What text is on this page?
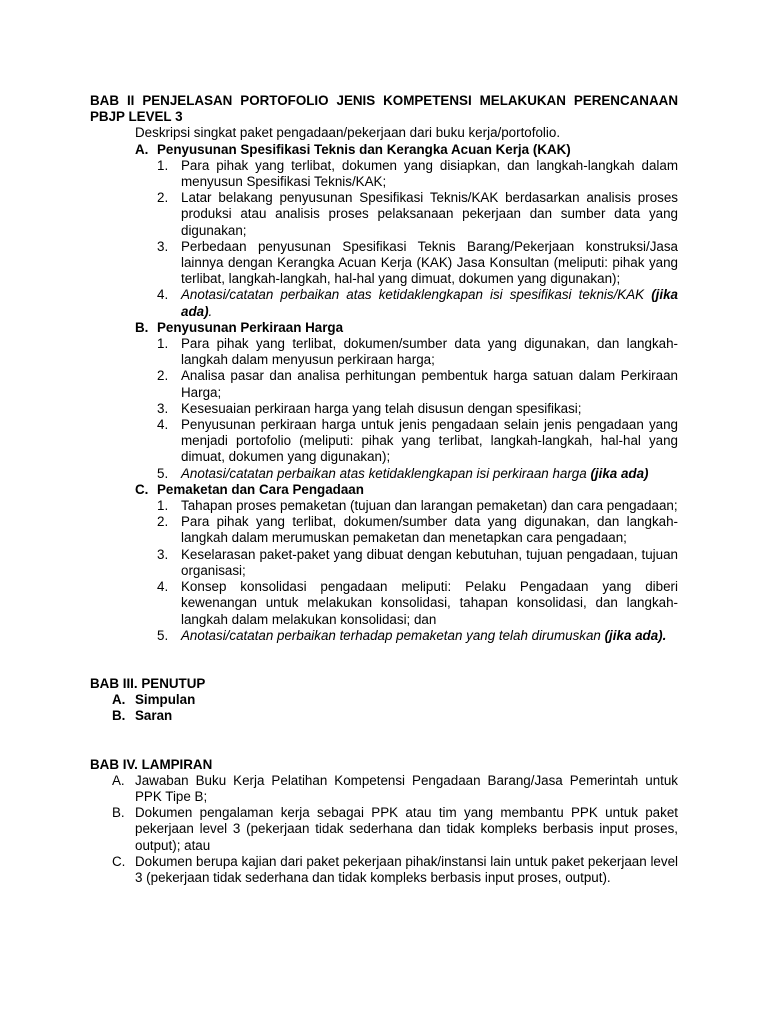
BAB II PENJELASAN PORTOFOLIO JENIS KOMPETENSI MELAKUKAN PERENCANAAN PBJP LEVEL 3
Deskripsi singkat paket pengadaan/pekerjaan dari buku kerja/portofolio.
A. Penyusunan Spesifikasi Teknis dan Kerangka Acuan Kerja (KAK)
1. Para pihak yang terlibat, dokumen yang disiapkan, dan langkah-langkah dalam menyusun Spesifikasi Teknis/KAK;
2. Latar belakang penyusunan Spesifikasi Teknis/KAK berdasarkan analisis proses produksi atau analisis proses pelaksanaan pekerjaan dan sumber data yang digunakan;
3. Perbedaan penyusunan Spesifikasi Teknis Barang/Pekerjaan konstruksi/Jasa lainnya dengan Kerangka Acuan Kerja (KAK) Jasa Konsultan (meliputi: pihak yang terlibat, langkah-langkah, hal-hal yang dimuat, dokumen yang digunakan);
4. Anotasi/catatan perbaikan atas ketidaklengkapan isi spesifikasi teknis/KAK (jika ada).
B. Penyusunan Perkiraan Harga
1. Para pihak yang terlibat, dokumen/sumber data yang digunakan, dan langkah-langkah dalam menyusun perkiraan harga;
2. Analisa pasar dan analisa perhitungan pembentuk harga satuan dalam Perkiraan Harga;
3. Kesesuaian perkiraan harga yang telah disusun dengan spesifikasi;
4. Penyusunan perkiraan harga untuk jenis pengadaan selain jenis pengadaan yang menjadi portofolio (meliputi: pihak yang terlibat, langkah-langkah, hal-hal yang dimuat, dokumen yang digunakan);
5. Anotasi/catatan perbaikan atas ketidaklengkapan isi perkiraan harga (jika ada)
C. Pemaketan dan Cara Pengadaan
1. Tahapan proses pemaketan (tujuan dan larangan pemaketan) dan cara pengadaan;
2. Para pihak yang terlibat, dokumen/sumber data yang digunakan, dan langkah-langkah dalam merumuskan pemaketan dan menetapkan cara pengadaan;
3. Keselarasan paket-paket yang dibuat dengan kebutuhan, tujuan pengadaan, tujuan organisasi;
4. Konsep konsolidasi pengadaan meliputi: Pelaku Pengadaan yang diberi kewenangan untuk melakukan konsolidasi, tahapan konsolidasi, dan langkah-langkah dalam melakukan konsolidasi; dan
5. Anotasi/catatan perbaikan terhadap pemaketan yang telah dirumuskan (jika ada).
BAB III. PENUTUP
A. Simpulan
B. Saran
BAB IV. LAMPIRAN
A. Jawaban Buku Kerja Pelatihan Kompetensi Pengadaan Barang/Jasa Pemerintah untuk PPK Tipe B;
B. Dokumen pengalaman kerja sebagai PPK atau tim yang membantu PPK untuk paket pekerjaan level 3 (pekerjaan tidak sederhana dan tidak kompleks berbasis input proses, output); atau
C. Dokumen berupa kajian dari paket pekerjaan pihak/instansi lain untuk paket pekerjaan level 3 (pekerjaan tidak sederhana dan tidak kompleks berbasis input proses, output).
